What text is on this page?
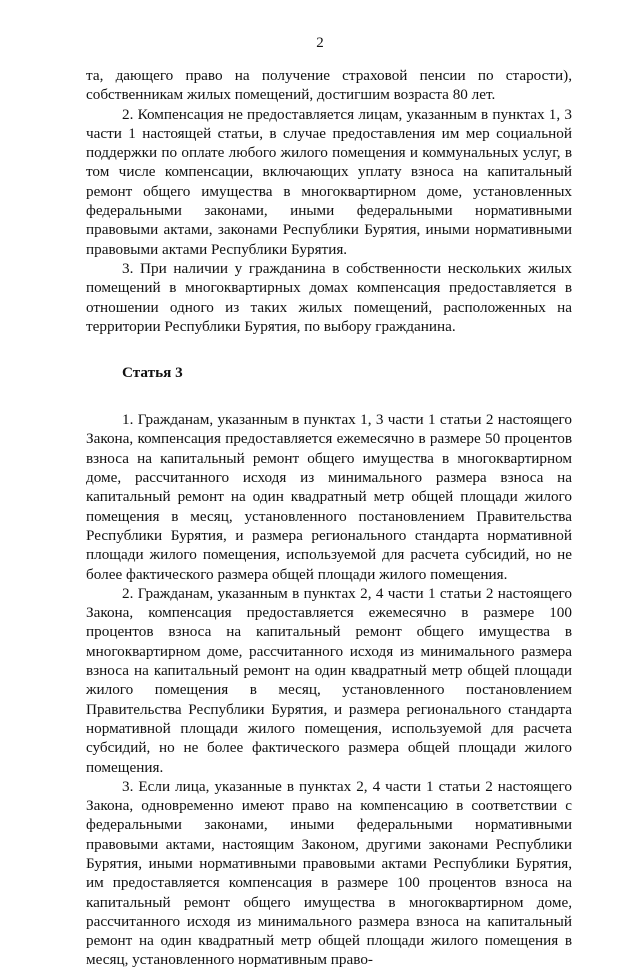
2

та, дающего право на получение страховой пенсии по старости), собственникам жилых помещений, достигшим возраста 80 лет.

2. Компенсация не предоставляется лицам, указанным в пунктах 1, 3 части 1 настоящей статьи, в случае предоставления им мер социальной поддержки по оплате любого жилого помещения и коммунальных услуг, в том числе компенсации, включающих уплату взноса на капитальный ремонт общего имущества в многоквартирном доме, установленных федеральными законами, иными федеральными нормативными правовыми актами, законами Республики Бурятия, иными нормативными правовыми актами Республики Бурятия.

3. При наличии у гражданина в собственности нескольких жилых помещений в многоквартирных домах компенсация предоставляется в отношении одного из таких жилых помещений, расположенных на территории Республики Бурятия, по выбору гражданина.

Статья 3

1. Гражданам, указанным в пунктах 1, 3 части 1 статьи 2 настоящего Закона, компенсация предоставляется ежемесячно в размере 50 процентов взноса на капитальный ремонт общего имущества в многоквартирном доме, рассчитанного исходя из минимального размера взноса на капитальный ремонт на один квадратный метр общей площади жилого помещения в месяц, установленного постановлением Правительства Республики Бурятия, и размера регионального стандарта нормативной площади жилого помещения, используемой для расчета субсидий, но не более фактического размера общей площади жилого помещения.

2. Гражданам, указанным в пунктах 2, 4 части 1 статьи 2 настоящего Закона, компенсация предоставляется ежемесячно в размере 100 процентов взноса на капитальный ремонт общего имущества в многоквартирном доме, рассчитанного исходя из минимального размера взноса на капитальный ремонт на один квадратный метр общей площади жилого помещения в месяц, установленного постановлением Правительства Республики Бурятия, и размера регионального стандарта нормативной площади жилого помещения, используемой для расчета субсидий, но не более фактического размера общей площади жилого помещения.

3. Если лица, указанные в пунктах 2, 4 части 1 статьи 2 настоящего Закона, одновременно имеют право на компенсацию в соответствии с федеральными законами, иными федеральными нормативными правовыми актами, настоящим Законом, другими законами Республики Бурятия, иными нормативными правовыми актами Республики Бурятия, им предоставляется компенсация в размере 100 процентов взноса на капитальный ремонт общего имущества в многоквартирном доме, рассчитанного исходя из минимального размера взноса на капитальный ремонт на один квадратный метр общей площади жилого помещения в месяц, установленного нормативным право-
